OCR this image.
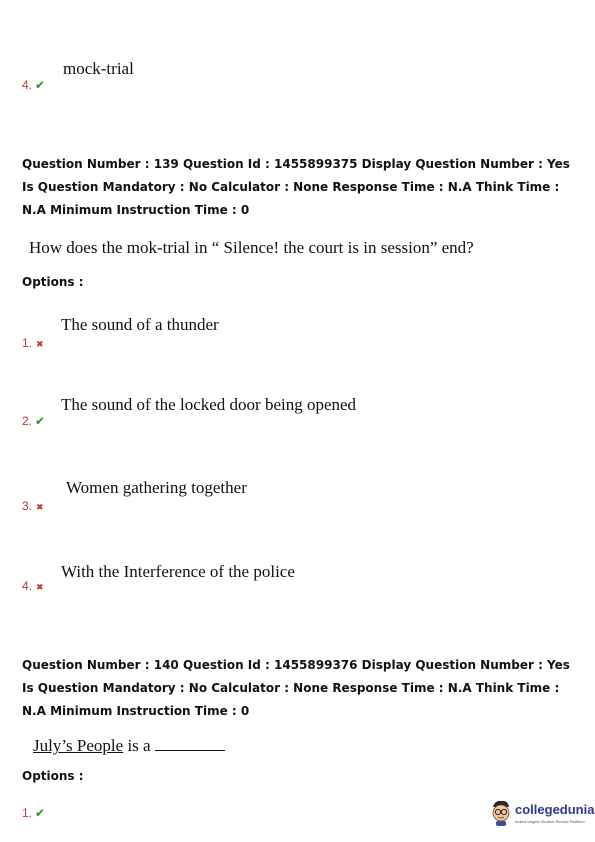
mock-trial
4. ✔
Question Number : 139 Question Id : 1455899375 Display Question Number : Yes Is Question Mandatory : No Calculator : None Response Time : N.A Think Time : N.A Minimum Instruction Time : 0
How does the mok-trial in “ Silence! the court is in session” end?
Options :
The sound of a thunder
1. ✖
The sound of the locked door being opened
2. ✔
Women gathering together
3. ✖
With the Interference of the police
4. ✖
Question Number : 140 Question Id : 1455899376 Display Question Number : Yes Is Question Mandatory : No Calculator : None Response Time : N.A Think Time : N.A Minimum Instruction Time : 0
July’s People is a
Options :
1. ✔	collegedunia
India's largest Student Review Platform
